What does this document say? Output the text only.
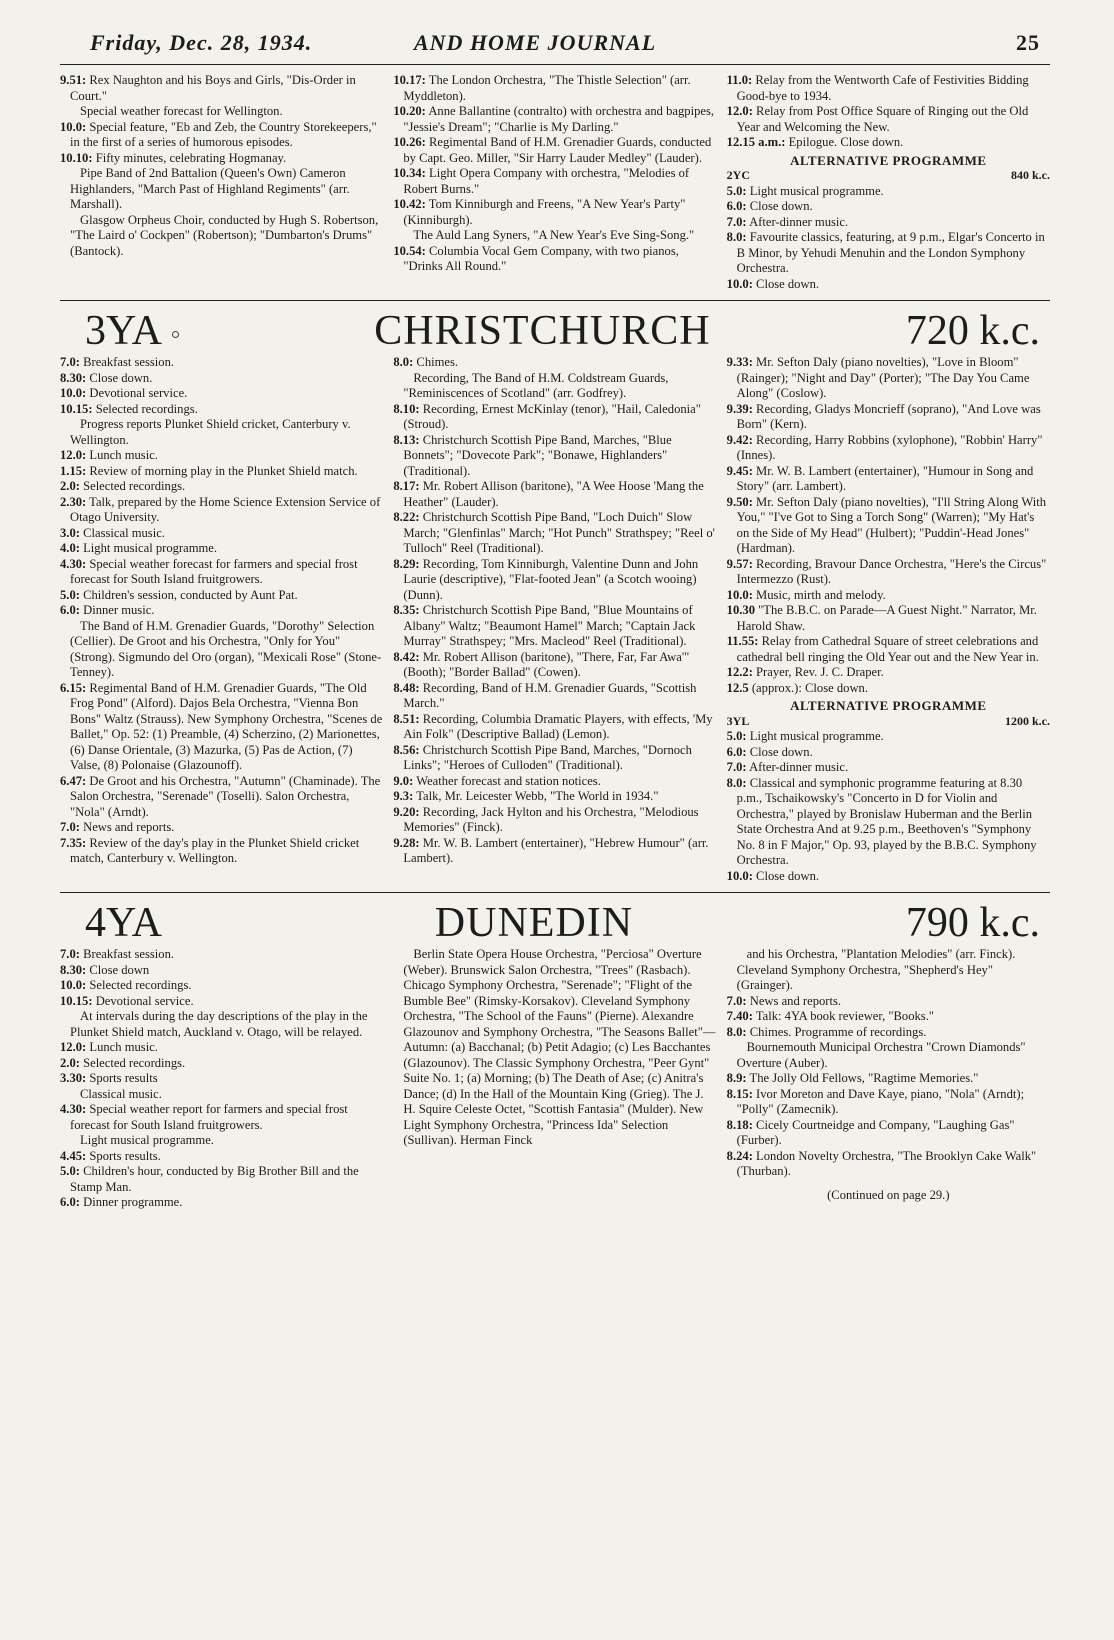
Friday, Dec. 28, 1934.	AND HOME JOURNAL	25

9.51: Rex Naughton and his Boys and Girls, "Dis-Order in Court."

Special weather forecast for Wellington.

10.0: Special feature, "Eb and Zeb, the Country Storekeepers," in the first of a series of humorous episodes.

10.10: Fifty minutes, celebrating Hogmanay.

Pipe Band of 2nd Battalion (Queen's Own) Cameron Highlanders, "March Past of Highland Regiments" (arr. Marshall).

Glasgow Orpheus Choir, conducted by Hugh S. Robertson, "The Laird o' Cockpen" (Robertson); "Dumbarton's Drums" (Bantock).

10.17: The London Orchestra, "The Thistle Selection" (arr. Myddleton).

10.20: Anne Ballantine (contralto) with orchestra and bagpipes, "Jessie's Dream"; "Charlie is My Darling."

10.26: Regimental Band of H.M. Grenadier Guards, conducted by Capt. Geo. Miller, "Sir Harry Lauder Medley" (Lauder).

10.34: Light Opera Company with orchestra, "Melodies of Robert Burns."

10.42: Tom Kinniburgh and Freens, "A New Year's Party" (Kinniburgh).

The Auld Lang Syners, "A New Year's Eve Sing-Song."

10.54: Columbia Vocal Gem Company, with two pianos, "Drinks All Round."

11.0: Relay from the Wentworth Cafe of Festivities Bidding Good-bye to 1934.

12.0: Relay from Post Office Square of Ringing out the Old Year and Welcoming the New.

12.15 a.m.: Epilogue. Close down.

ALTERNATIVE PROGRAMME
2YC	840 k.c.

5.0: Light musical programme.

6.0: Close down.

7.0: After-dinner music.

8.0: Favourite classics, featuring, at 9 p.m., Elgar's Concerto in B Minor, by Yehudi Menuhin and the London Symphony Orchestra.

10.0: Close down.

3YA	CHRISTCHURCH	720 k.c.

7.0: Breakfast session.

8.30: Close down.

10.0: Devotional service.

10.15: Selected recordings.

Progress reports Plunket Shield cricket, Canterbury v. Wellington.

12.0: Lunch music.

1.15: Review of morning play in the Plunket Shield match.

2.0: Selected recordings.

2.30: Talk, prepared by the Home Science Extension Service of Otago University.

3.0: Classical music.

4.0: Light musical programme.

4.30: Special weather forecast for farmers and special frost forecast for South Island fruitgrowers.

5.0: Children's session, conducted by Aunt Pat.

6.0: Dinner music.

The Band of H.M. Grenadier Guards, "Dorothy" Selection (Cellier). De Groot and his Orchestra, "Only for You" (Strong). Sigmundo del Oro (organ), "Mexicali Rose" (Stone-Tenney).

6.15: Regimental Band of H.M. Grenadier Guards, "The Old Frog Pond" (Alford). Dajos Bela Orchestra, "Vienna Bon Bons" Waltz (Strauss). New Symphony Orchestra, "Scenes de Ballet," Op. 52: (1) Preamble, (4) Scherzino, (2) Marionettes, (6) Danse Orientale, (3) Mazurka, (5) Pas de Action, (7) Valse, (8) Polonaise (Glazounoff).

6.47: De Groot and his Orchestra, "Autumn" (Chaminade). The Salon Orchestra, "Serenade" (Toselli). Salon Orchestra, "Nola" (Arndt).

7.0: News and reports.

7.35: Review of the day's play in the Plunket Shield cricket match, Canterbury v. Wellington.

8.0: Chimes.

Recording, The Band of H.M. Coldstream Guards, "Reminiscences of Scotland" (arr. Godfrey).

8.10: Recording, Ernest McKinlay (tenor), "Hail, Caledonia" (Stroud).

8.13: Christchurch Scottish Pipe Band, Marches, "Blue Bonnets"; "Dovecote Park"; "Bonawe, Highlanders" (Traditional).

8.17: Mr. Robert Allison (baritone), "A Wee Hoose 'Mang the Heather" (Lauder).

8.22: Christchurch Scottish Pipe Band, "Loch Duich" Slow March; "Glenfinlas" March; "Hot Punch" Strathspey; "Reel o' Tulloch" Reel (Traditional).

8.29: Recording, Tom Kinniburgh, Valentine Dunn and John Laurie (descriptive), "Flat-footed Jean" (a Scotch wooing) (Dunn).

8.35: Christchurch Scottish Pipe Band, "Blue Mountains of Albany" Waltz; "Beaumont Hamel" March; "Captain Jack Murray" Strathspey; "Mrs. Macleod" Reel (Traditional).

8.42: Mr. Robert Allison (baritone), "There, Far, Far Awa'" (Booth); "Border Ballad" (Cowen).

8.48: Recording, Band of H.M. Grenadier Guards, "Scottish March."

8.51: Recording, Columbia Dramatic Players, with effects, 'My Ain Folk" (Descriptive Ballad) (Lemon).

8.56: Christchurch Scottish Pipe Band, Marches, "Dornoch Links"; "Heroes of Culloden" (Traditional).

9.0: Weather forecast and station notices.

9.3: Talk, Mr. Leicester Webb, "The World in 1934."

9.20: Recording, Jack Hylton and his Orchestra, "Melodious Memories" (Finck).

9.28: Mr. W. B. Lambert (entertainer), "Hebrew Humour" (arr. Lambert).

9.33: Mr. Sefton Daly (piano novelties), "Love in Bloom" (Rainger); "Night and Day" (Porter); "The Day You Came Along" (Coslow).

9.39: Recording, Gladys Moncrieff (soprano), "And Love was Born" (Kern).

9.42: Recording, Harry Robbins (xylophone), "Robbin' Harry" (Innes).

9.45: Mr. W. B. Lambert (entertainer), "Humour in Song and Story" (arr. Lambert).

9.50: Mr. Sefton Daly (piano novelties), "I'll String Along With You," "I've Got to Sing a Torch Song" (Warren); "My Hat's on the Side of My Head" (Hulbert); "Puddin'-Head Jones" (Hardman).

9.57: Recording, Bravour Dance Orchestra, "Here's the Circus" Intermezzo (Rust).

10.0: Music, mirth and melody.

10.30 "The B.B.C. on Parade—A Guest Night." Narrator, Mr. Harold Shaw.

11.55: Relay from Cathedral Square of street celebrations and cathedral bell ringing the Old Year out and the New Year in.

12.2: Prayer, Rev. J. C. Draper.

12.5 (approx.): Close down.

ALTERNATIVE PROGRAMME
3YL	1200 k.c.

5.0: Light musical programme.

6.0: Close down.

7.0: After-dinner music.

8.0: Classical and symphonic programme featuring at 8.30 p.m., Tschaikowsky's "Concerto in D for Violin and Orchestra," played by Bronislaw Huberman and the Berlin State Orchestra And at 9.25 p.m., Beethoven's "Symphony No. 8 in F Major," Op. 93, played by the B.B.C. Symphony Orchestra.

10.0: Close down.

4YA	DUNEDIN	790 k.c.

7.0: Breakfast session.

8.30: Close down

10.0: Selected recordings.

10.15: Devotional service.

At intervals during the day descriptions of the play in the Plunket Shield match, Auckland v. Otago, will be relayed.

12.0: Lunch music.

2.0: Selected recordings.

3.30: Sports results

Classical music.

4.30: Special weather report for farmers and special frost forecast for South Island fruitgrowers.

Light musical programme.

4.45: Sports results.

5.0: Children's hour, conducted by Big Brother Bill and the Stamp Man.

6.0: Dinner programme.

Berlin State Opera House Orchestra, "Perciosa" Overture (Weber). Brunswick Salon Orchestra, "Trees" (Rasbach). Chicago Symphony Orchestra, "Serenade"; "Flight of the Bumble Bee" (Rimsky-Korsakov). Cleveland Symphony Orchestra, "The School of the Fauns" (Pierne). Alexandre Glazounov and Symphony Orchestra, "The Seasons Ballet"—Autumn: (a) Bacchanal; (b) Petit Adagio; (c) Les Bacchantes (Glazounov). The Classic Symphony Orchestra, "Peer Gynt" Suite No. 1; (a) Morning; (b) The Death of Ase; (c) Anitra's Dance; (d) In the Hall of the Mountain King (Grieg). The J. H. Squire Celeste Octet, "Scottish Fantasia" (Mulder). New Light Symphony Orchestra, "Princess Ida" Selection (Sullivan). Herman Finck

and his Orchestra, "Plantation Melodies" (arr. Finck). Cleveland Symphony Orchestra, "Shepherd's Hey" (Grainger).

7.0: News and reports.

7.40: Talk: 4YA book reviewer, "Books."

8.0: Chimes. Programme of recordings.

Bournemouth Municipal Orchestra "Crown Diamonds" Overture (Auber).

8.9: The Jolly Old Fellows, "Ragtime Memories."

8.15: Ivor Moreton and Dave Kaye, piano, "Nola" (Arndt); "Polly" (Zamecnik).

8.18: Cicely Courtneidge and Company, "Laughing Gas" (Furber).

8.24: London Novelty Orchestra, "The Brooklyn Cake Walk" (Thurban).

(Continued on page 29.)
